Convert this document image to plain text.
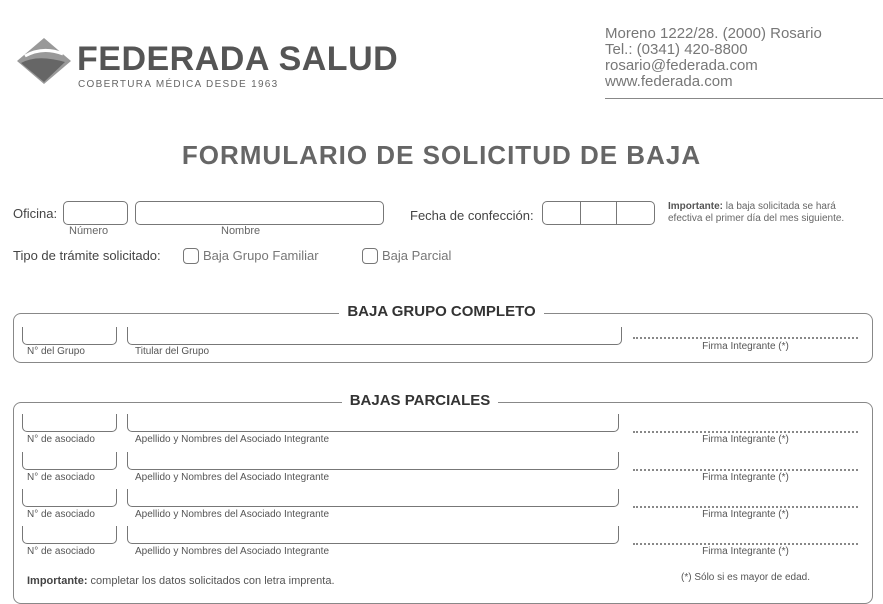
FEDERADA SALUD
COBERTURA MÉDICA DESDE 1963
Moreno 1222/28. (2000) Rosario
Tel.: (0341) 420-8800
rosario@federada.com
www.federada.com
FORMULARIO DE SOLICITUD DE BAJA
Oficina:
Número	Nombre
Fecha de confección:
Importante: la baja solicitada se hará
efectiva el primer día del mes siguiente.
Tipo de trámite solicitado:	Baja Grupo Familiar	Baja Parcial
BAJA GRUPO COMPLETO
N° del Grupo	Titular del Grupo	Firma Integrante (*)
BAJAS PARCIALES
N° de asociado	Apellido y Nombres del Asociado Integrante	Firma Integrante (*)
N° de asociado	Apellido y Nombres del Asociado Integrante	Firma Integrante (*)
N° de asociado	Apellido y Nombres del Asociado Integrante	Firma Integrante (*)
N° de asociado	Apellido y Nombres del Asociado Integrante	Firma Integrante (*)
Importante: completar los datos solicitados con letra imprenta.	(*) Sólo si es mayor de edad.
